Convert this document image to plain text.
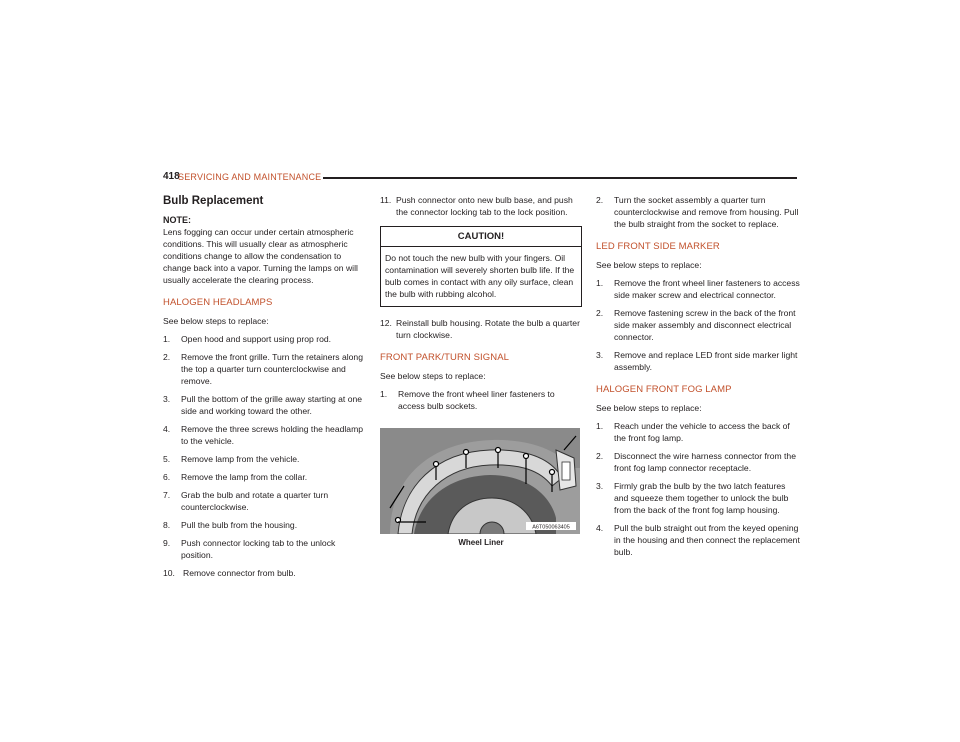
418
SERVICING AND MAINTENANCE
Bulb Replacement
NOTE:

Lens fogging can occur under certain atmospheric conditions. This will usually clear as atmospheric conditions change to allow the condensation to change back into a vapor. Turning the lamps on will usually accelerate the clearing process.

HALOGEN HEADLAMPS

See below steps to replace:

1. Open hood and support using prop rod.
2. Remove the front grille. Turn the retainers along the top a quarter turn counterclockwise and remove.
3. Pull the bottom of the grille away starting at one side and working toward the other.
4. Remove the three screws holding the headlamp to the vehicle.
5. Remove lamp from the vehicle.
6. Remove the lamp from the collar.
7. Grab the bulb and rotate a quarter turn counterclockwise.
8. Pull the bulb from the housing.
9. Push connector locking tab to the unlock position.
10. Remove connector from bulb.
11. Push connector onto new bulb base, and push the connector locking tab to the lock position.
CAUTION!
Do not touch the new bulb with your fingers. Oil contamination will severely shorten bulb life. If the bulb comes in contact with any oily surface, clean the bulb with rubbing alcohol.
12. Reinstall bulb housing. Rotate the bulb a quarter turn clockwise.
FRONT PARK/TURN SIGNAL

See below steps to replace:

1. Remove the front wheel liner fasteners to access bulb sockets.
A6T050063405
Wheel Liner
2. Turn the socket assembly a quarter turn counterclockwise and remove from housing. Pull the bulb straight from the socket to replace.
LED FRONT SIDE MARKER

See below steps to replace:

1. Remove the front wheel liner fasteners to access side maker screw and electrical connector.
2. Remove fastening screw in the back of the front side maker assembly and disconnect electrical connector.
3. Remove and replace LED front side marker light assembly.
HALOGEN FRONT FOG LAMP

See below steps to replace:

1. Reach under the vehicle to access the back of the front fog lamp.
2. Disconnect the wire harness connector from the front fog lamp connector receptacle.
3. Firmly grab the bulb by the two latch features and squeeze them together to unlock the bulb from the back of the front fog lamp housing.
4. Pull the bulb straight out from the keyed opening in the housing and then connect the replacement bulb.
